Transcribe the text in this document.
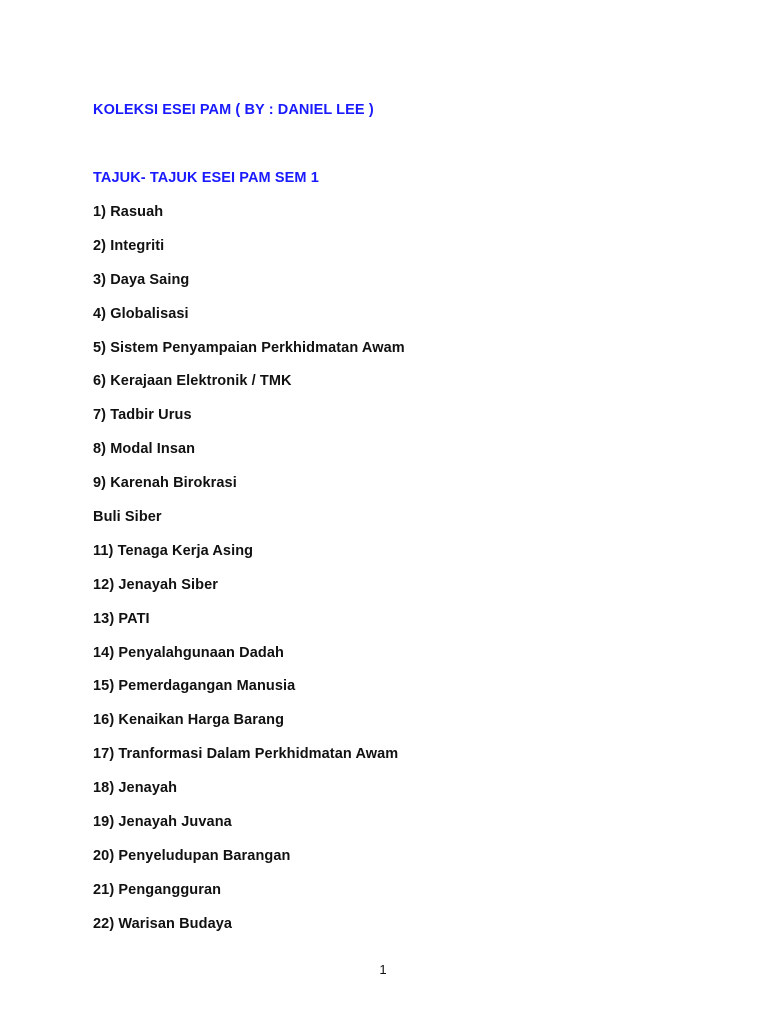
KOLEKSI ESEI PAM ( BY : DANIEL LEE )
TAJUK- TAJUK ESEI PAM SEM 1
1) Rasuah
2) Integriti
3) Daya Saing
4) Globalisasi
5) Sistem Penyampaian Perkhidmatan Awam
6) Kerajaan Elektronik / TMK
7) Tadbir Urus
8) Modal Insan
9) Karenah Birokrasi
Buli Siber
11) Tenaga Kerja Asing
12) Jenayah Siber
13) PATI
14) Penyalahgunaan Dadah
15) Pemerdagangan Manusia
16) Kenaikan Harga Barang
17) Tranformasi Dalam Perkhidmatan Awam
18) Jenayah
19) Jenayah Juvana
20) Penyeludupan Barangan
21) Pengangguran
22) Warisan Budaya
1
